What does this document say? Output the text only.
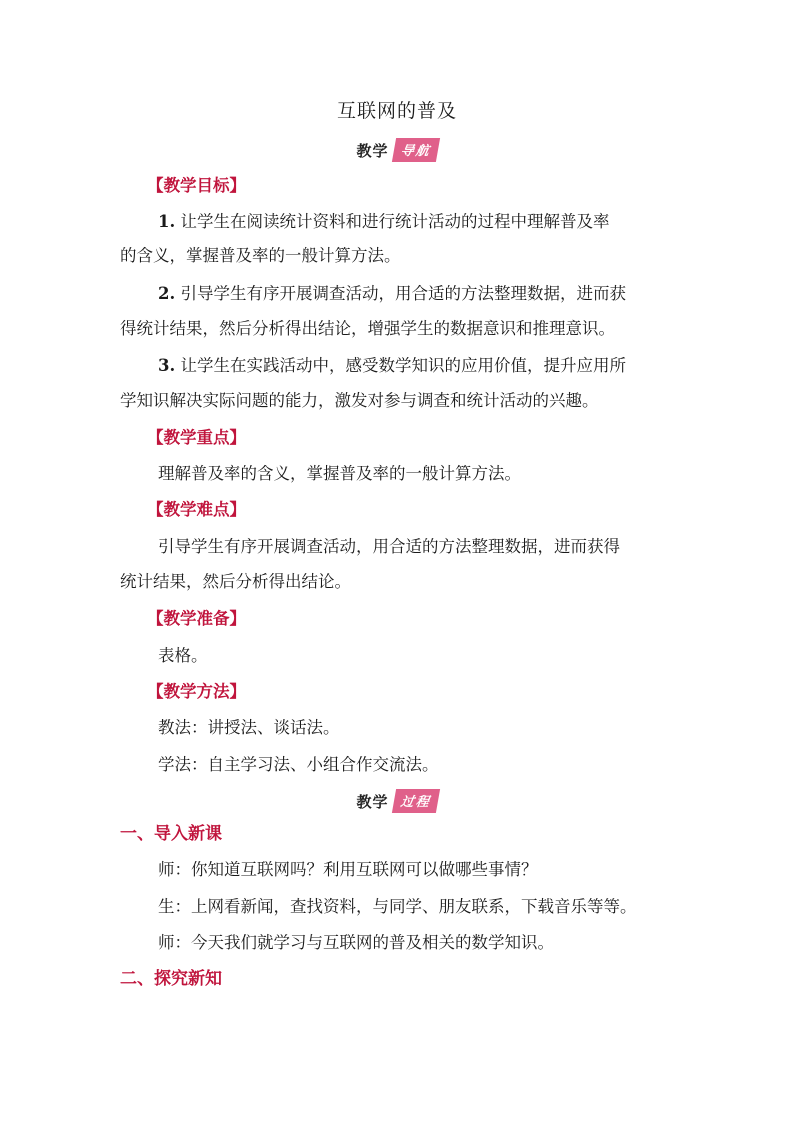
互联网的普及
教学 导航
【教学目标】
1. 让学生在阅读统计资料和进行统计活动的过程中理解普及率
的含义，掌握普及率的一般计算方法。
2. 引导学生有序开展调查活动，用合适的方法整理数据，进而获
得统计结果，然后分析得出结论，增强学生的数据意识和推理意识。
3. 让学生在实践活动中，感受数学知识的应用价值，提升应用所
学知识解决实际问题的能力，激发对参与调查和统计活动的兴趣。
【教学重点】
理解普及率的含义，掌握普及率的一般计算方法。
【教学难点】
引导学生有序开展调查活动，用合适的方法整理数据，进而获得
统计结果，然后分析得出结论。
【教学准备】
表格。
【教学方法】
教法：讲授法、谈话法。
学法：自主学习法、小组合作交流法。
教学 过程
一、导入新课
师：你知道互联网吗？利用互联网可以做哪些事情？
生：上网看新闻，查找资料，与同学、朋友联系，下载音乐等等。
师：今天我们就学习与互联网的普及相关的数学知识。
二、探究新知
